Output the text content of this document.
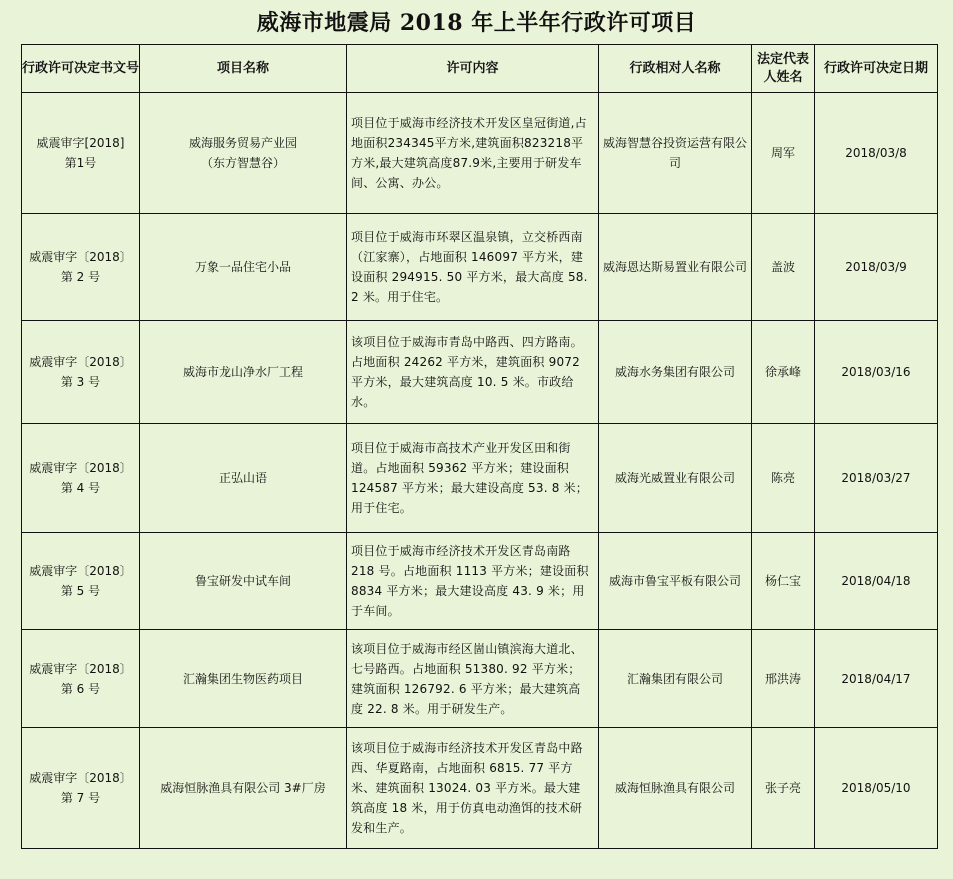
威海市地震局 2018 年上半年行政许可项目
行政许可决定书文号	项目名称	许可内容	行政相对人名称	法定代表人姓名	行政许可决定日期
威震审字[2018]
第1号	威海服务贸易产业园
（东方智慧谷）	项目位于威海市经济技术开发区皇冠街道,占地面积234345平方米,建筑面积823218平方米,最大建筑高度87.9米,主要用于研发车间、公寓、办公。	威海智慧谷投资运营有限公司	周军	2018/03/8
威震审字〔2018〕
第 2 号	万象一品住宅小品	项目位于威海市环翠区温泉镇，立交桥西南（江家寨），占地面积 146097 平方米，建设面积 294915. 50 平方米，最大高度 58. 2 米。用于住宅。	威海恩达斯易置业有限公司	盖波	2018/03/9
威震审字〔2018〕
第 3 号	威海市龙山净水厂工程	该项目位于威海市青岛中路西、四方路南。占地面积 24262 平方米，建筑面积 9072 平方米，最大建筑高度 10. 5 米。市政给水。	威海水务集团有限公司	徐承峰	2018/03/16
威震审字〔2018〕
第 4 号	正弘山语	项目位于威海市高技术产业开发区田和街道。占地面积 59362 平方米；建设面积 124587 平方米；最大建设高度 53. 8 米；用于住宅。	威海光威置业有限公司	陈亮	2018/03/27
威震审字〔2018〕
第 5 号	鲁宝研发中试车间	项目位于威海市经济技术开发区青岛南路 218 号。占地面积 1113 平方米；建设面积 8834 平方米；最大建设高度 43. 9 米；用于车间。	威海市鲁宝平板有限公司	杨仁宝	2018/04/18
威震审字〔2018〕
第 6 号	汇瀚集团生物医药项目	该项目位于威海市经区崮山镇滨海大道北、七号路西。占地面积 51380. 92 平方米；建筑面积 126792. 6 平方米；最大建筑高度 22. 8 米。用于研发生产。	汇瀚集团有限公司	邢洪涛	2018/04/17
威震审字〔2018〕
第 7 号	威海恒脉渔具有限公司 3#厂房	该项目位于威海市经济技术开发区青岛中路西、华夏路南，占地面积 6815. 77 平方米、建筑面积 13024. 03 平方米。最大建筑高度 18 米，用于仿真电动渔饵的技术研发和生产。	威海恒脉渔具有限公司	张子亮	2018/05/10
